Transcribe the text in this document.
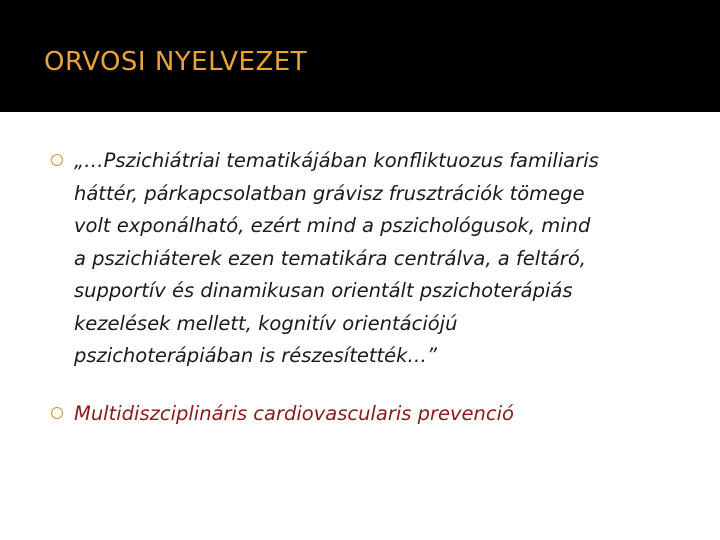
ORVOSI NYELVEZET
„…Pszichiátriai tematikájában konfliktuozus familiaris
háttér, párkapcsolatban grávisz frusztrációk tömege
volt exponálható, ezért mind a pszichológusok, mind
a pszichiáterek ezen tematikára centrálva, a feltáró,
supportív és dinamikusan orientált pszichoterápiás
kezelések mellett, kognitív orientációjú
pszichoterápiában is részesítették…”
Multidiszciplináris cardiovascularis prevenció
